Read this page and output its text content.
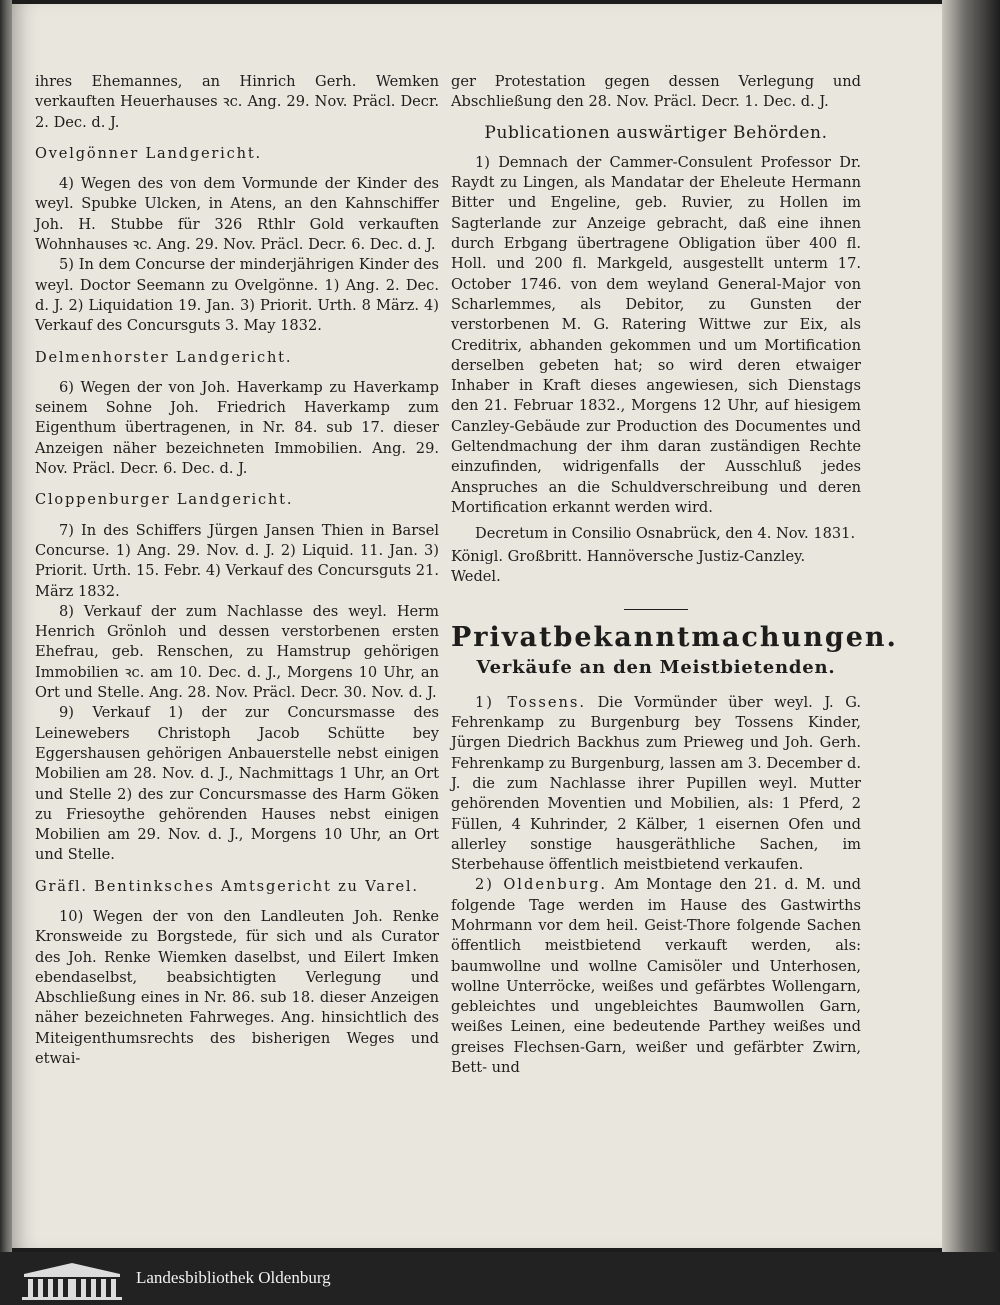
ihres Ehemannes, an Hinrich Gerh. Wemken verkauften Heuerhauses ꝛc. Ang. 29. Nov. Präcl. Decr. 2. Dec. d. J.

Ovelgönner Landgericht.

4) Wegen des von dem Vormunde der Kinder des weyl. Spubke Ulcken, in Atens, an den Kahnschiffer Joh. H. Stubbe für 326 Rthlr Gold verkauften Wohnhauses ꝛc. Ang. 29. Nov. Präcl. Decr. 6. Dec. d. J.

5) In dem Concurse der minderjährigen Kinder des weyl. Doctor Seemann zu Ovelgönne. 1) Ang. 2. Dec. d. J. 2) Liquidation 19. Jan. 3) Priorit. Urth. 8 März. 4) Verkauf des Concursguts 3. May 1832.

Delmenhorster Landgericht.

6) Wegen der von Joh. Haverkamp zu Haverkamp seinem Sohne Joh. Friedrich Haverkamp zum Eigenthum übertragenen, in Nr. 84. sub 17. dieser Anzeigen näher bezeichneten Immobilien. Ang. 29. Nov. Präcl. Decr. 6. Dec. d. J.

Cloppenburger Landgericht.

7) In des Schiffers Jürgen Jansen Thien in Barsel Concurse. 1) Ang. 29. Nov. d. J. 2) Liquid. 11. Jan. 3) Priorit. Urth. 15. Febr. 4) Verkauf des Concursguts 21. März 1832.

8) Verkauf der zum Nachlasse des weyl. Herm Henrich Grönloh und dessen verstorbenen ersten Ehefrau, geb. Renschen, zu Hamstrup gehörigen Immobilien ꝛc. am 10. Dec. d. J., Morgens 10 Uhr, an Ort und Stelle. Ang. 28. Nov. Präcl. Decr. 30. Nov. d. J.

9) Verkauf 1) der zur Concursmasse des Leinewebers Christoph Jacob Schütte bey Eggershausen gehörigen Anbauerstelle nebst einigen Mobilien am 28. Nov. d. J., Nachmittags 1 Uhr, an Ort und Stelle 2) des zur Concursmasse des Harm Göken zu Friesoythe gehörenden Hauses nebst einigen Mobilien am 29. Nov. d. J., Morgens 10 Uhr, an Ort und Stelle.

Gräfl. Bentinksches Amtsgericht zu Varel.

10) Wegen der von den Landleuten Joh. Renke Kronsweide zu Borgstede, für sich und als Curator des Joh. Renke Wiemken daselbst, und Eilert Imken ebendaselbst, beabsichtigten Verlegung und Abschließung eines in Nr. 86. sub 18. dieser Anzeigen näher bezeichneten Fahrweges. Ang. hinsichtlich des Miteigenthumsrechts des bisherigen Weges und etwai-

ger Protestation gegen dessen Verlegung und Abschließung den 28. Nov. Präcl. Decr. 1. Dec. d. J.

Publicationen auswärtiger Behörden.

1) Demnach der Cammer-Consulent Professor Dr. Raydt zu Lingen, als Mandatar der Eheleute Hermann Bitter und Engeline, geb. Ruvier, zu Hollen im Sagterlande zur Anzeige gebracht, daß eine ihnen durch Erbgang übertragene Obligation über 400 fl. Holl. und 200 fl. Markgeld, ausgestellt unterm 17. October 1746. von dem weyland General-Major von Scharlemmes, als Debitor, zu Gunsten der verstorbenen M. G. Ratering Wittwe zur Eix, als Creditrix, abhanden gekommen und um Mortification derselben gebeten hat; so wird deren etwaiger Inhaber in Kraft dieses angewiesen, sich Dienstags den 21. Februar 1832., Morgens 12 Uhr, auf hiesigem Canzley-Gebäude zur Production des Documentes und Geltendmachung der ihm daran zuständigen Rechte einzufinden, widrigenfalls der Ausschluß jedes Anspruches an die Schuldverschreibung und deren Mortification erkannt werden wird.

Decretum in Consilio Osnabrück, den 4. Nov. 1831.

Königl. Großbritt. Hannöversche Justiz-Canzley.

Wedel.

Privatbekanntmachungen.
Verkäufe an den Meistbietenden.

1) Tossens. Die Vormünder über weyl. J. G. Fehrenkamp zu Burgenburg bey Tossens Kinder, Jürgen Diedrich Backhus zum Prieweg und Joh. Gerh. Fehrenkamp zu Burgenburg, lassen am 3. December d. J. die zum Nachlasse ihrer Pupillen weyl. Mutter gehörenden Moventien und Mobilien, als: 1 Pferd, 2 Füllen, 4 Kuhrinder, 2 Kälber, 1 eisernen Ofen und allerley sonstige hausgeräthliche Sachen, im Sterbehause öffentlich meistbietend verkaufen.

2) Oldenburg. Am Montage den 21. d. M. und folgende Tage werden im Hause des Gastwirths Mohrmann vor dem heil. Geist-Thore folgende Sachen öffentlich meistbietend verkauft werden, als: baumwollne und wollne Camisöler und Unterhosen, wollne Unterröcke, weißes und gefärbtes Wollengarn, gebleichtes und ungebleichtes Baumwollen Garn, weißes Leinen, eine bedeutende Parthey weißes und greises Flechsen-Garn, weißer und gefärbter Zwirn, Bett- und

Landesbibliothek Oldenburg
